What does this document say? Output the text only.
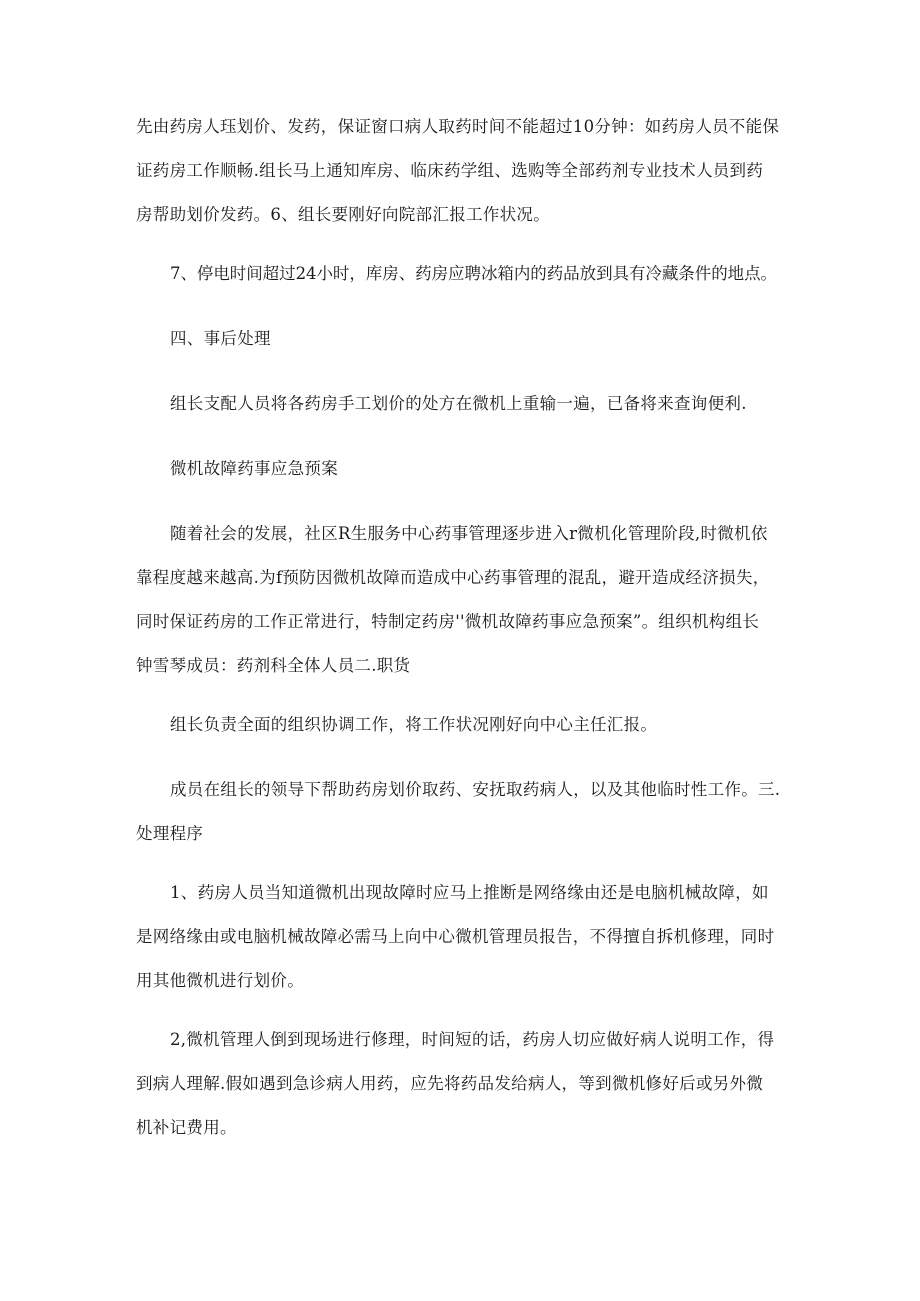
先由药房人珏划价、发药，保证窗口病人取药时间不能超过10分钟：如药房人员不能保
证药房工作顺畅.组长马上通知库房、临床药学组、选购等全部药剂专业技术人员到药
房帮助划价发药。6、组长要刚好向院部汇报工作状况。

7、停电时间超过24小时，库房、药房应聘冰箱内的药品放到具有冷藏条件的地点。

四、事后处理

组长支配人员将各药房手工划价的处方在微机上重输一遍，已备将来查询便利.

微机故障药事应急预案

随着社会的发展，社区R生服务中心药事管理逐步进入r微机化管理阶段,时微机依
靠程度越来越高.为f预防因微机故障而造成中心药事管理的混乱，避开造成经济损失，
同时保证药房的工作正常进行，特制定药房''微机故障药事应急预案”。组织机构组长
钟雪琴成员：药剂科全体人员二.职货

组长负责全面的组织协调工作，将工作状况刚好向中心主任汇报。

成员在组长的领导下帮助药房划价取药、安抚取药病人，以及其他临时性工作。三.
处理程序

1、药房人员当知道微机出现故障时应马上推断是网络缘由还是电脑机械故障，如
是网络缘由或电脑机械故障必需马上向中心微机管理员报告，不得擅自拆机修理，同时
用其他微机进行划价。

2,微机管理人倒到现场进行修理，时间短的话，药房人切应做好病人说明工作，得
到病人理解.假如遇到急诊病人用药，应先将药品发给病人，等到微机修好后或另外微
机补记费用。
